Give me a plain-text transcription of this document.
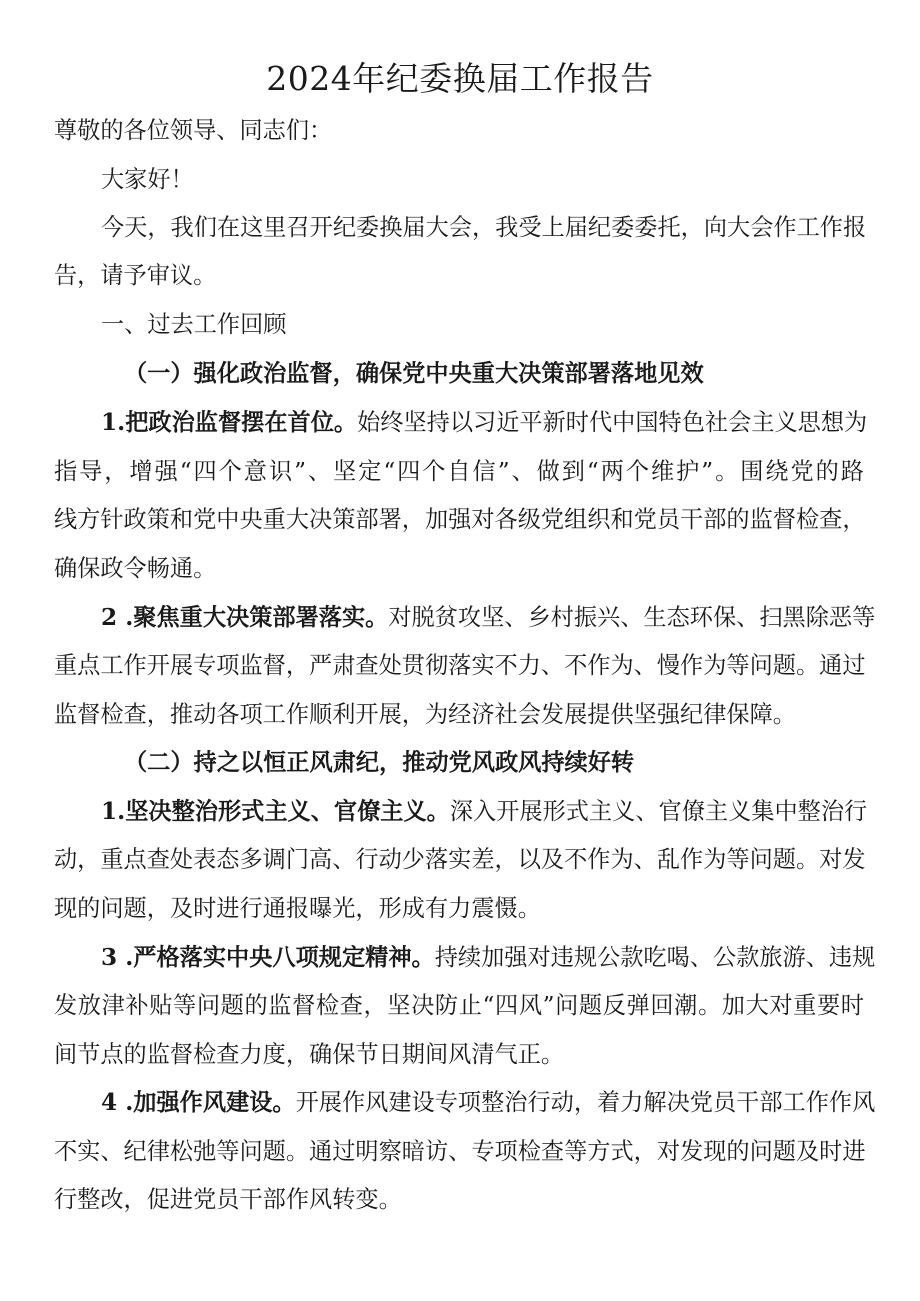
2024年纪委换届工作报告
尊敬的各位领导、同志们：
大家好！
今天，我们在这里召开纪委换届大会，我受上届纪委委托，向大会作工作报
告，请予审议。
一、过去工作回顾
（一）强化政治监督，确保党中央重大决策部署落地见效
1.把政治监督摆在首位。始终坚持以习近平新时代中国特色社会主义思想为
指导，增强“四个意识”、坚定“四个自信”、做到“两个维护”。围绕党的路
线方针政策和党中央重大决策部署，加强对各级党组织和党员干部的监督检查，
确保政令畅通。
2 .聚焦重大决策部署落实。对脱贫攻坚、乡村振兴、生态环保、扫黑除恶等
重点工作开展专项监督，严肃查处贯彻落实不力、不作为、慢作为等问题。通过
监督检查，推动各项工作顺利开展，为经济社会发展提供坚强纪律保障。
（二）持之以恒正风肃纪，推动党风政风持续好转
1.坚决整治形式主义、官僚主义。深入开展形式主义、官僚主义集中整治行
动，重点查处表态多调门高、行动少落实差，以及不作为、乱作为等问题。对发
现的问题，及时进行通报曝光，形成有力震慑。
3 .严格落实中央八项规定精神。持续加强对违规公款吃喝、公款旅游、违规
发放津补贴等问题的监督检查，坚决防止“四风”问题反弹回潮。加大对重要时
间节点的监督检查力度，确保节日期间风清气正。
4 .加强作风建设。开展作风建设专项整治行动，着力解决党员干部工作作风
不实、纪律松弛等问题。通过明察暗访、专项检查等方式，对发现的问题及时进
行整改，促进党员干部作风转变。
